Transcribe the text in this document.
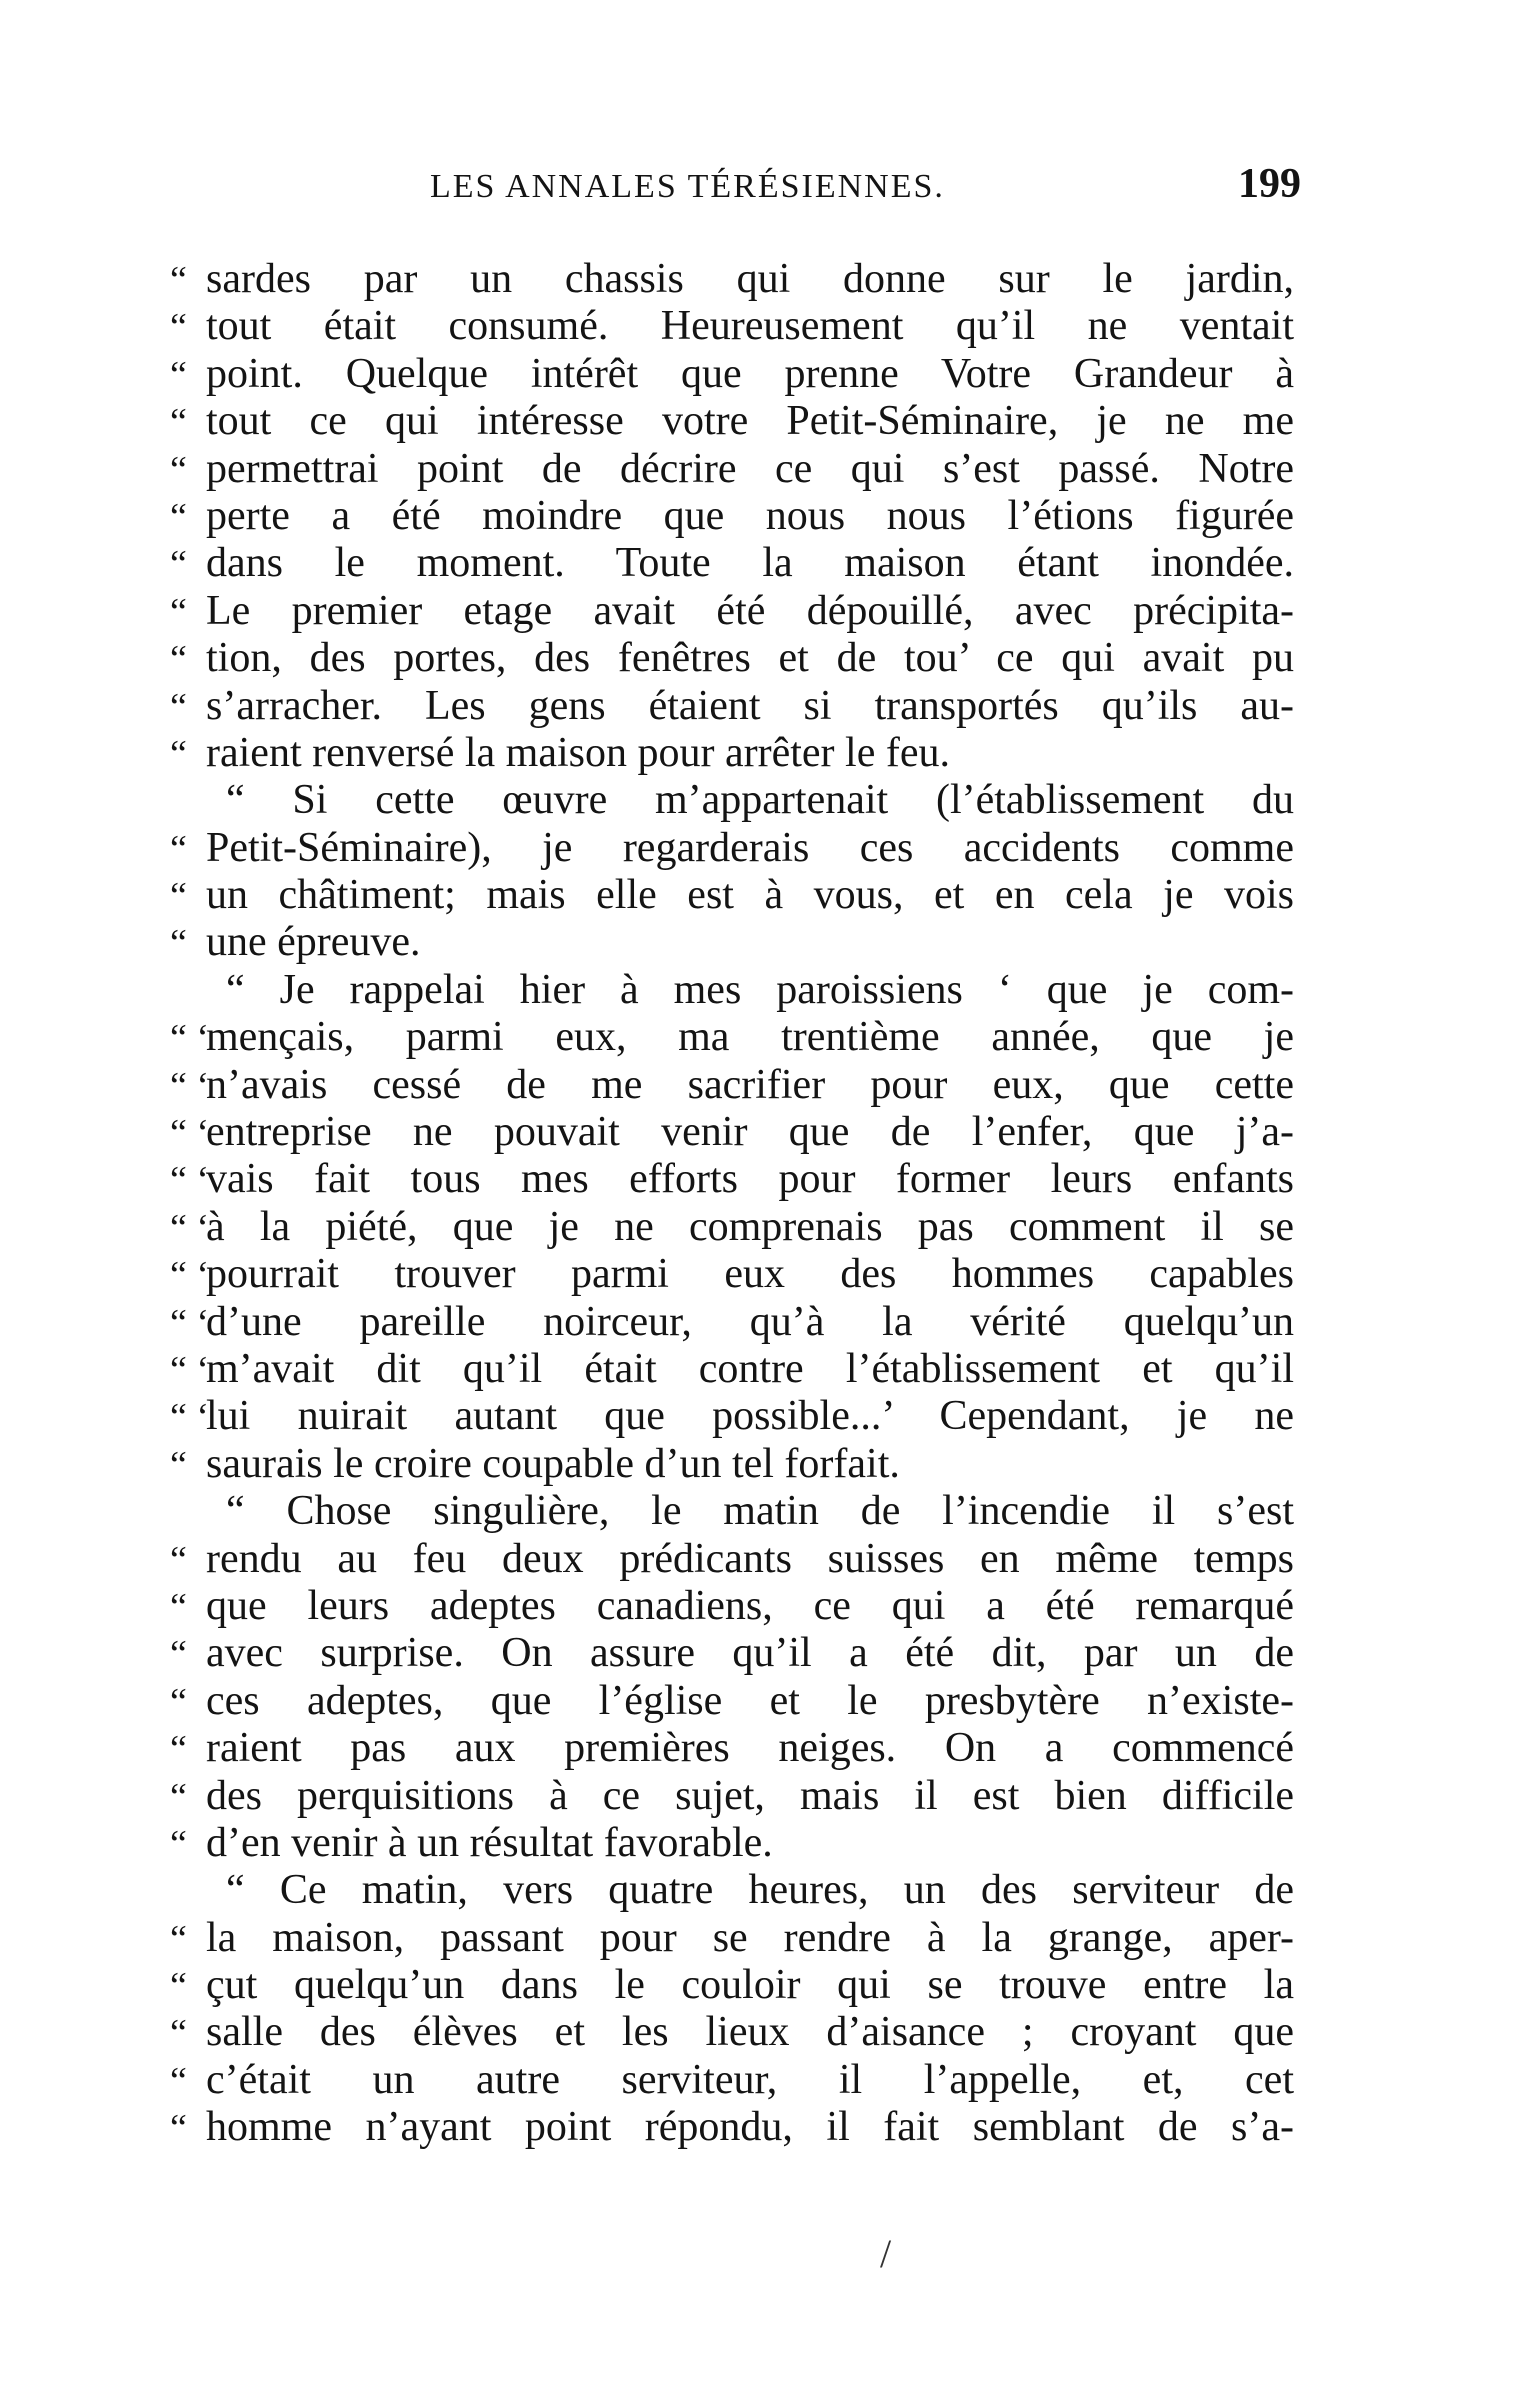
LES ANNALES TÉRÉSIENNES.	199
“ sardes par un chassis qui donne sur le jardin,
“ tout était consumé. Heureusement qu’il ne ventait
“ point. Quelque intérêt que prenne Votre Grandeur à
“ tout ce qui intéresse votre Petit-Séminaire, je ne me
“ permettrai point de décrire ce qui s’est passé. Notre
“ perte a été moindre que nous nous l’étions figurée
“ dans le moment. Toute la maison étant inondée.
“ Le premier etage avait été dépouillé, avec précipita-
“ tion, des portes, des fenêtres et de tou’ ce qui avait pu
“ s’arracher. Les gens étaient si transportés qu’ils au-
“ raient renversé la maison pour arrêter le feu.
“ Si cette œuvre m’appartenait (l’établissement du
“ Petit-Séminaire), je regarderais ces accidents comme
“ un châtiment; mais elle est à vous, et en cela je vois
“ une épreuve.
“ Je rappelai hier à mes paroissiens ‘ que je com-
“ ‘
mençais, parmi eux, ma trentième année, que je
“ ‘
n’avais cessé de me sacrifier pour eux, que cette
“ ‘
entreprise ne pouvait venir que de l’enfer, que j’a-
“ ‘
vais fait tous mes efforts pour former leurs enfants
“ ‘
à la piété, que je ne comprenais pas comment il se
“ ‘
pourrait trouver parmi eux des hommes capables
“ ‘
d’une pareille noirceur, qu’à la vérité quelqu’un
“ ‘
m’avait dit qu’il était contre l’établissement et qu’il
“ ‘
lui nuirait autant que possible...’ Cependant, je ne
“ saurais le croire coupable d’un tel forfait.
“ Chose singulière, le matin de l’incendie il s’est
“ rendu au feu deux prédicants suisses en même temps
“ que leurs adeptes canadiens, ce qui a été remarqué
“ avec surprise. On assure qu’il a été dit, par un de
“ ces adeptes, que l’église et le presbytère n’existe-
“ raient pas aux premières neiges. On a commencé
“ des perquisitions à ce sujet, mais il est bien difficile
“ d’en venir à un résultat favorable.
“ Ce matin, vers quatre heures, un des serviteur de
“ la maison, passant pour se rendre à la grange, aper-
“ çut quelqu’un dans le couloir qui se trouve entre la
“ salle des élèves et les lieux d’aisance ; croyant que
“ c’était un autre serviteur, il l’appelle, et, cet
“ homme n’ayant point répondu, il fait semblant de s’a-
/
